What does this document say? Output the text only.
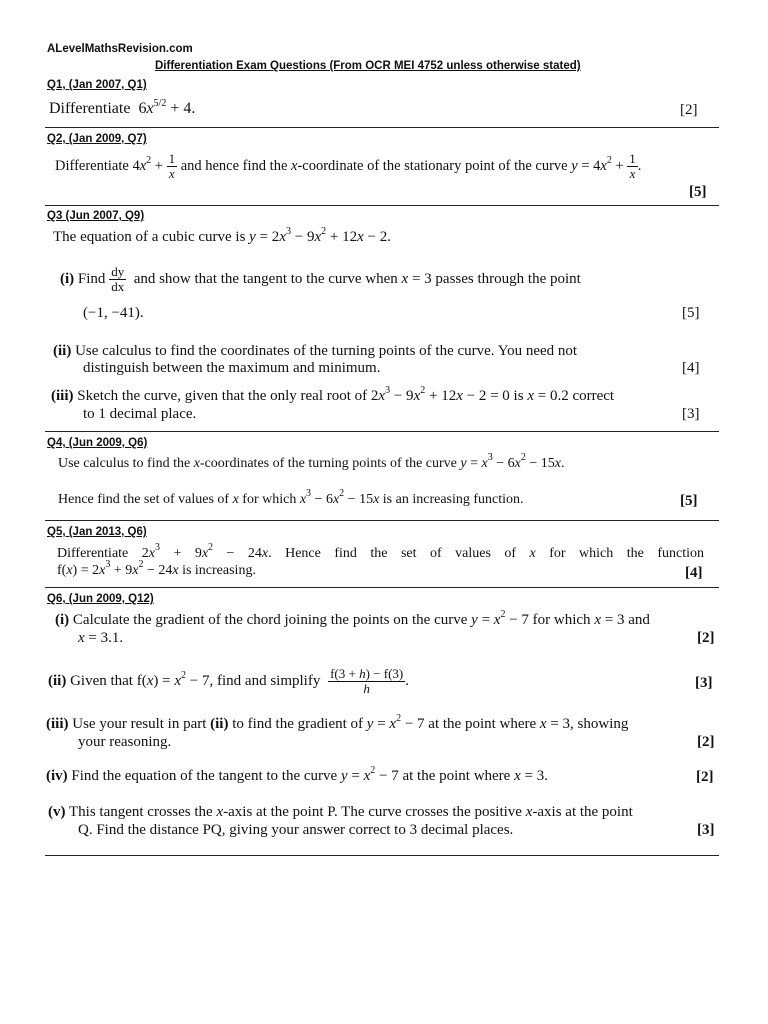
ALevelMathsRevision.com
Differentiation Exam Questions (From OCR MEI 4752 unless otherwise stated)
Q1, (Jan 2007, Q1)
Differentiate  $6x^{5/2} + 4$.	[2]
Q2, (Jan 2009, Q7)
Differentiate $4x^2 + \frac{1}{x}$ and hence find the x-coordinate of the stationary point of the curve $y = 4x^2 + \frac{1}{x}$ .
[5]
Q3 (Jun 2007, Q9)
The equation of a cubic curve is $y = 2x^3 - 9x^2 + 12x - 2$.
(i) Find $\frac{dy}{dx}$ and show that the tangent to the curve when x = 3 passes through the point
(−1, −41).	[5]
(ii) Use calculus to find the coordinates of the turning points of the curve. You need not
distinguish between the maximum and minimum.	[4]
(iii) Sketch the curve, given that the only real root of $2x^3 - 9x^2 + 12x - 2 = 0$ is x = 0.2 correct
to 1 decimal place.	[3]
Q4, (Jun 2009, Q6)
Use calculus to find the x-coordinates of the turning points of the curve $y = x^3 - 6x^2 - 15x$.
Hence find the set of values of x for which $x^3 - 6x^2 - 15x$ is an increasing function.	[5]
Q5, (Jan 2013, Q6)
Differentiate $2x^3 + 9x^2 - 24x$. Hence find the set of values of x for which the function
$f(x) = 2x^3 + 9x^2 - 24x$ is increasing.	[4]
Q6, (Jun 2009, Q12)
(i) Calculate the gradient of the chord joining the points on the curve $y = x^2 - 7$ for which x = 3 and
x = 3.1.	[2]
(ii) Given that $f(x) = x^2 - 7$, find and simplify $\frac{f(3 + h) - f(3)}{h}$ .	[3]
(iii) Use your result in part (ii) to find the gradient of $y = x^2 - 7$ at the point where x = 3, showing
your reasoning.	[2]
(iv) Find the equation of the tangent to the curve $y = x^2 - 7$ at the point where x = 3.	[2]
(v) This tangent crosses the x-axis at the point P. The curve crosses the positive x-axis at the point
Q. Find the distance PQ, giving your answer correct to 3 decimal places.	[3]
